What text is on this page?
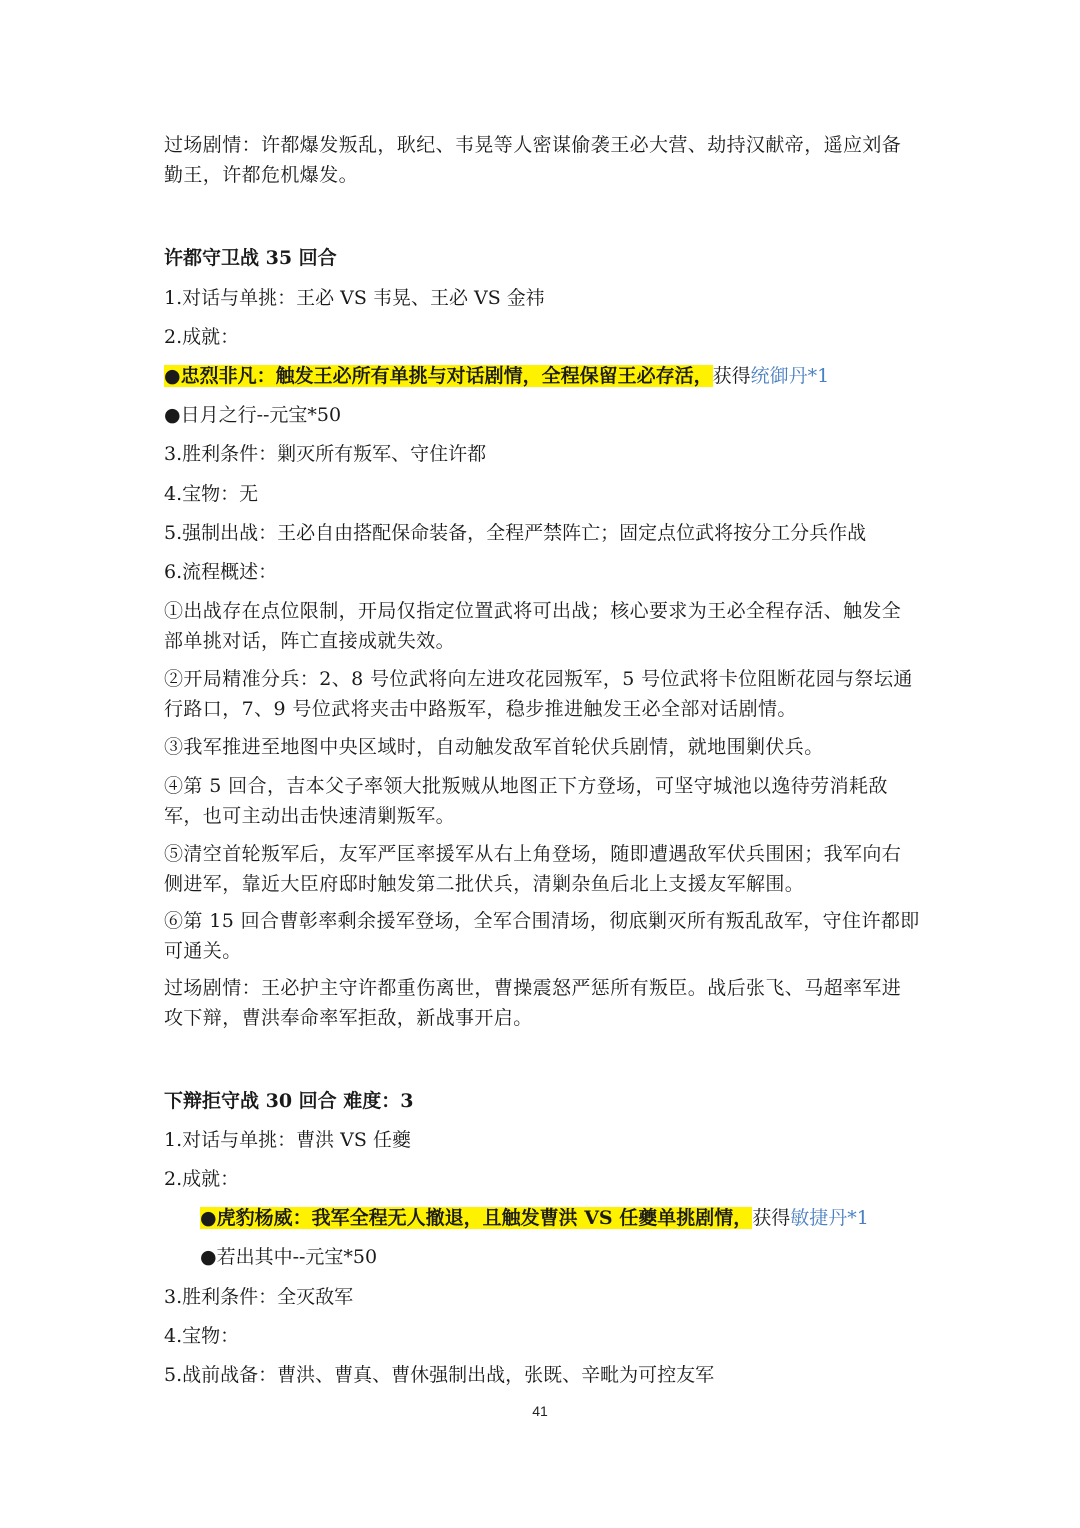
过场剧情：许都爆发叛乱，耿纪、韦晃等人密谋偷袭王必大营、劫持汉献帝，遥应刘备勤王，许都危机爆发。
许都守卫战 35 回合
1.对话与单挑：王必 VS 韦晃、王必 VS 金祎
2.成就：
●忠烈非凡：触发王必所有单挑与对话剧情，全程保留王必存活，获得统御丹*1
●日月之行--元宝*50
3.胜利条件：剿灭所有叛军、守住许都
4.宝物：无
5.强制出战：王必自由搭配保命装备，全程严禁阵亡；固定点位武将按分工分兵作战
6.流程概述：
①出战存在点位限制，开局仅指定位置武将可出战；核心要求为王必全程存活、触发全部单挑对话，阵亡直接成就失效。
②开局精准分兵：2、8 号位武将向左进攻花园叛军，5 号位武将卡位阻断花园与祭坛通行路口，7、9 号位武将夹击中路叛军，稳步推进触发王必全部对话剧情。
③我军推进至地图中央区域时，自动触发敌军首轮伏兵剧情，就地围剿伏兵。
④第 5 回合，吉本父子率领大批叛贼从地图正下方登场，可坚守城池以逸待劳消耗敌军，也可主动出击快速清剿叛军。
⑤清空首轮叛军后，友军严匡率援军从右上角登场，随即遭遇敌军伏兵围困；我军向右侧进军，靠近大臣府邸时触发第二批伏兵，清剿杂鱼后北上支援友军解围。
⑥第 15 回合曹彰率剩余援军登场，全军合围清场，彻底剿灭所有叛乱敌军，守住许都即可通关。
过场剧情：王必护主守许都重伤离世，曹操震怒严惩所有叛臣。战后张飞、马超率军进攻下辩，曹洪奉命率军拒敌，新战事开启。
下辩拒守战 30 回合 难度：3
1.对话与单挑：曹洪 VS 任夔
2.成就：
●虎豹杨威：我军全程无人撤退，且触发曹洪 VS 任夔单挑剧情，获得敏捷丹*1
●若出其中--元宝*50
3.胜利条件：全灭敌军
4.宝物：
5.战前战备：曹洪、曹真、曹休强制出战，张既、辛毗为可控友军
41
